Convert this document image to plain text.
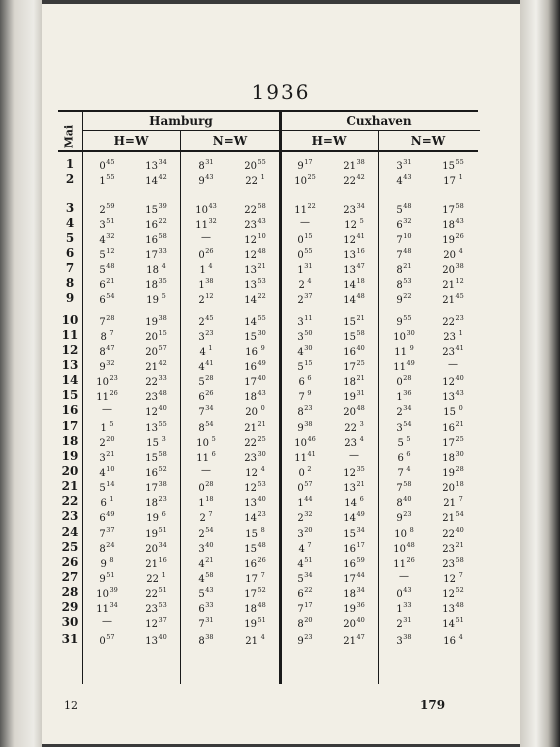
1936
Mai
Hamburg	Cuxhaven
H=W	N=W	H=W	N=W
1	$0^{45}$	$13^{34}$	$8^{31}$	$20^{55}$	$9^{17}$	$21^{38}$	$3^{31}$	$15^{55}$
2	$1^{55}$	$14^{42}$	$9^{43}$	22 $^1$	$10^{25}$	$22^{42}$	$4^{43}$	17 $^1$
3	$2^{59}$	$15^{39}$	$10^{43}$	$22^{58}$	$11^{22}$	$23^{34}$	$5^{48}$	$17^{58}$
4	$3^{51}$	$16^{22}$	$11^{32}$	$23^{43}$	—	12 $^5$	$6^{32}$	$18^{43}$
5	$4^{32}$	$16^{58}$	—	$12^{10}$	$0^{15}$	$12^{41}$	$7^{10}$	$19^{26}$
6	$5^{12}$	$17^{33}$	$0^{26}$	$12^{48}$	$0^{55}$	$13^{16}$	$7^{48}$	20 $^4$
7	$5^{48}$	18 $^4$	1 $^4$	$13^{21}$	$1^{31}$	$13^{47}$	$8^{21}$	$20^{38}$
8	$6^{21}$	$18^{35}$	$1^{38}$	$13^{53}$	2 $^4$	$14^{18}$	$8^{53}$	$21^{12}$
9	$6^{54}$	19 $^5$	$2^{12}$	$14^{22}$	$2^{37}$	$14^{48}$	$9^{22}$	$21^{45}$
10	$7^{28}$	$19^{38}$	$2^{45}$	$14^{55}$	$3^{11}$	$15^{21}$	$9^{55}$	$22^{23}$
11	8 $^7$	$20^{15}$	$3^{23}$	$15^{30}$	$3^{50}$	$15^{58}$	$10^{30}$	23 $^1$
12	$8^{47}$	$20^{57}$	4 $^1$	16 $^9$	$4^{30}$	$16^{40}$	11 $^9$	$23^{41}$
13	$9^{32}$	$21^{42}$	$4^{41}$	$16^{49}$	$5^{15}$	$17^{25}$	$11^{49}$	—
14	$10^{23}$	$22^{33}$	$5^{28}$	$17^{40}$	6 $^6$	$18^{21}$	$0^{28}$	$12^{40}$
15	$11^{26}$	$23^{48}$	$6^{26}$	$18^{43}$	7 $^9$	$19^{31}$	$1^{36}$	$13^{43}$
16	—	$12^{40}$	$7^{34}$	20 $^0$	$8^{23}$	$20^{48}$	$2^{34}$	15 $^0$
17	1 $^5$	$13^{55}$	$8^{54}$	$21^{21}$	$9^{38}$	22 $^3$	$3^{54}$	$16^{21}$
18	$2^{20}$	15 $^3$	10 $^5$	$22^{25}$	$10^{46}$	23 $^4$	5 $^5$	$17^{25}$
19	$3^{21}$	$15^{58}$	11 $^6$	$23^{30}$	$11^{41}$	—	6 $^6$	$18^{30}$
20	$4^{10}$	$16^{52}$	—	12 $^4$	0 $^2$	$12^{35}$	7 $^4$	$19^{28}$
21	$5^{14}$	$17^{38}$	$0^{28}$	$12^{53}$	$0^{57}$	$13^{21}$	$7^{58}$	$20^{18}$
22	6 $^1$	$18^{23}$	$1^{18}$	$13^{40}$	$1^{44}$	14 $^6$	$8^{40}$	21 $^7$
23	$6^{49}$	19 $^6$	2 $^7$	$14^{23}$	$2^{32}$	$14^{49}$	$9^{23}$	$21^{54}$
24	$7^{37}$	$19^{51}$	$2^{54}$	15 $^8$	$3^{20}$	$15^{34}$	10 $^8$	$22^{40}$
25	$8^{24}$	$20^{34}$	$3^{40}$	$15^{48}$	4 $^7$	$16^{17}$	$10^{48}$	$23^{21}$
26	9 $^8$	$21^{16}$	$4^{21}$	$16^{26}$	$4^{51}$	$16^{59}$	$11^{26}$	$23^{58}$
27	$9^{51}$	22 $^1$	$4^{58}$	17 $^7$	$5^{34}$	$17^{44}$	—	12 $^7$
28	$10^{39}$	$22^{51}$	$5^{43}$	$17^{52}$	$6^{22}$	$18^{34}$	$0^{43}$	$12^{52}$
29	$11^{34}$	$23^{53}$	$6^{33}$	$18^{48}$	$7^{17}$	$19^{36}$	$1^{33}$	$13^{48}$
30	—	$12^{37}$	$7^{31}$	$19^{51}$	$8^{20}$	$20^{40}$	$2^{31}$	$14^{51}$
31	$0^{57}$	$13^{40}$	$8^{38}$	21 $^4$	$9^{23}$	$21^{47}$	$3^{38}$	16 $^4$
12	179
